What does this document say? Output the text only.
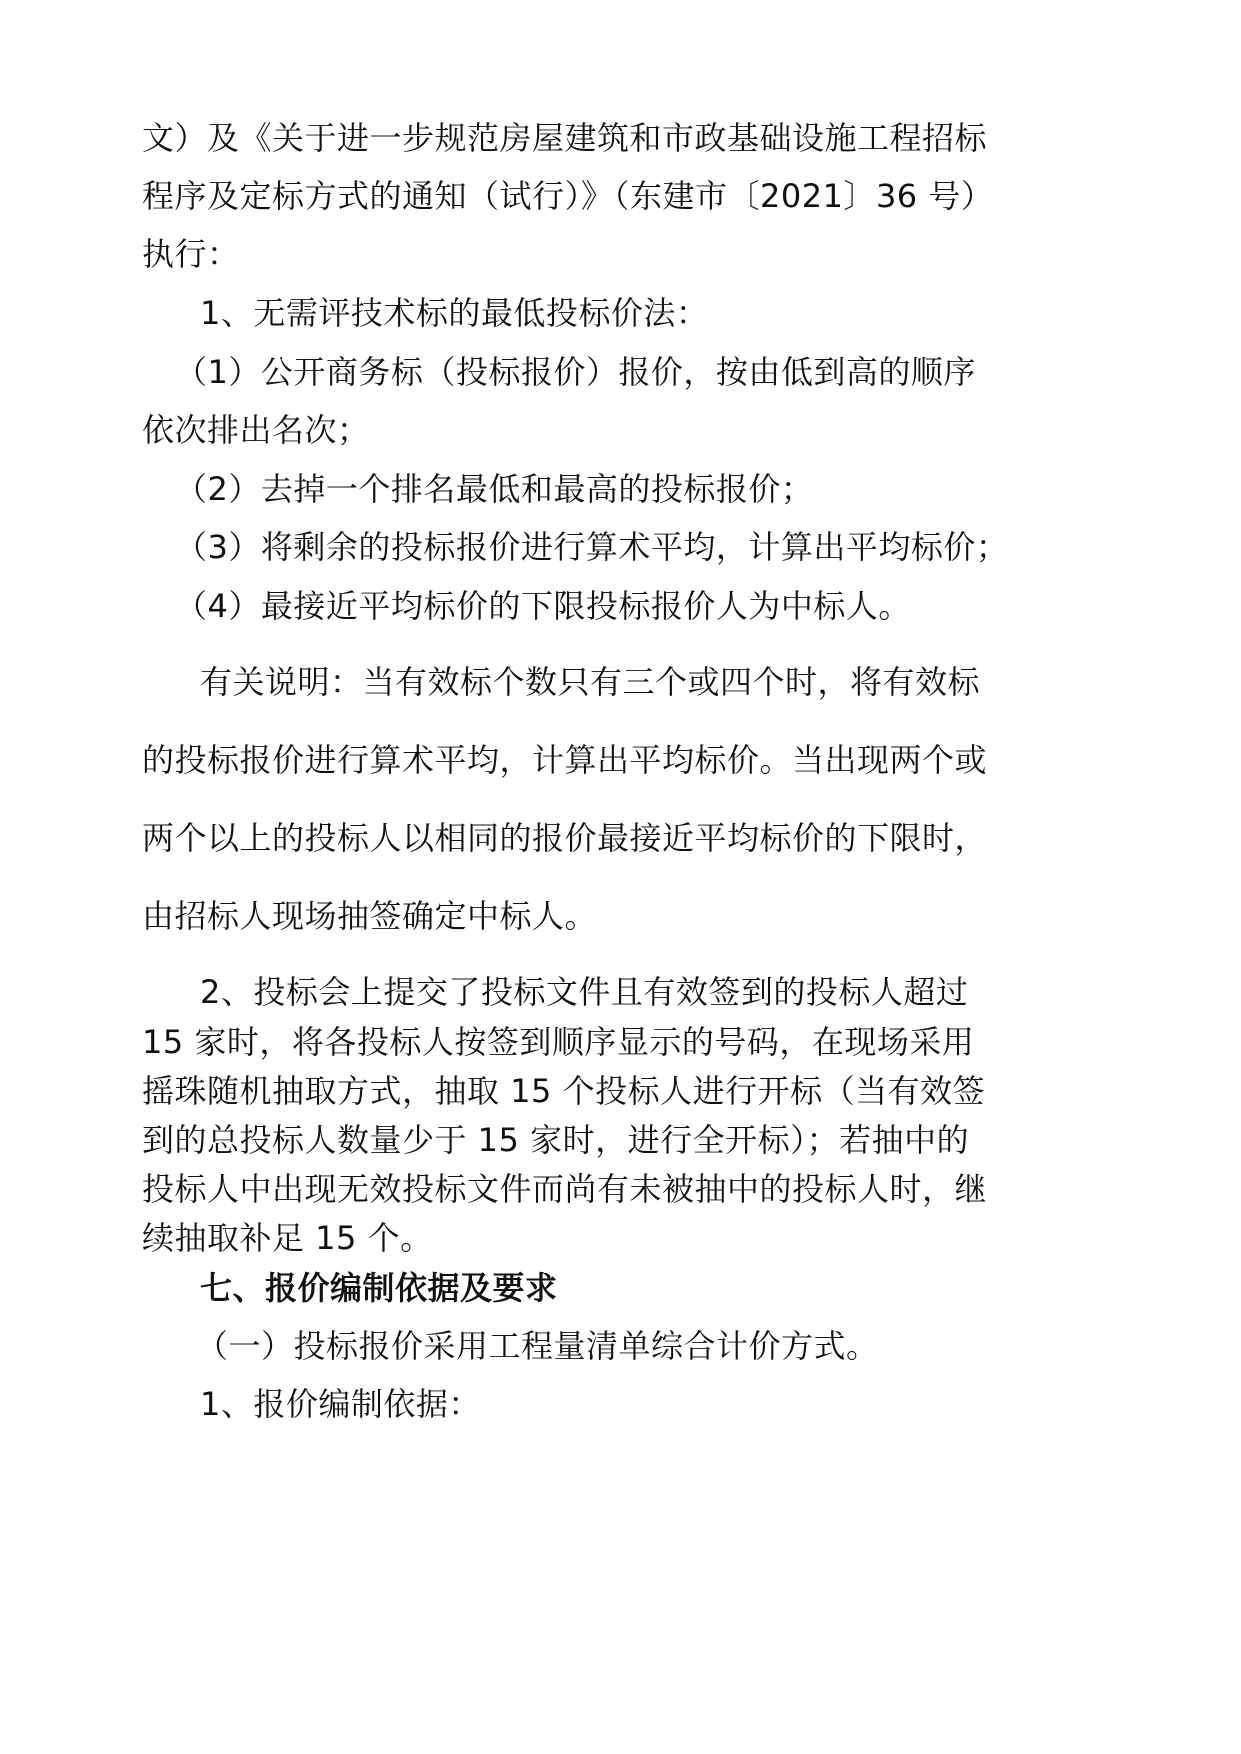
文）及《关于进一步规范房屋建筑和市政基础设施工程招标
程序及定标方式的通知（试行）》（东建市〔2021〕36 号）
执行：
1、无需评技术标的最低投标价法：
（1）公开商务标（投标报价）报价，按由低到高的顺序
依次排出名次；
（2）去掉一个排名最低和最高的投标报价；
（3）将剩余的投标报价进行算术平均，计算出平均标价；
（4）最接近平均标价的下限投标报价人为中标人。
有关说明：当有效标个数只有三个或四个时，将有效标
的投标报价进行算术平均，计算出平均标价。当出现两个或
两个以上的投标人以相同的报价最接近平均标价的下限时，
由招标人现场抽签确定中标人。
2、投标会上提交了投标文件且有效签到的投标人超过
15 家时，将各投标人按签到顺序显示的号码，在现场采用
摇珠随机抽取方式，抽取 15 个投标人进行开标（当有效签
到的总投标人数量少于 15 家时，进行全开标）；若抽中的
投标人中出现无效投标文件而尚有未被抽中的投标人时，继
续抽取补足 15 个。
七、报价编制依据及要求
（一）投标报价采用工程量清单综合计价方式。
1、报价编制依据：
